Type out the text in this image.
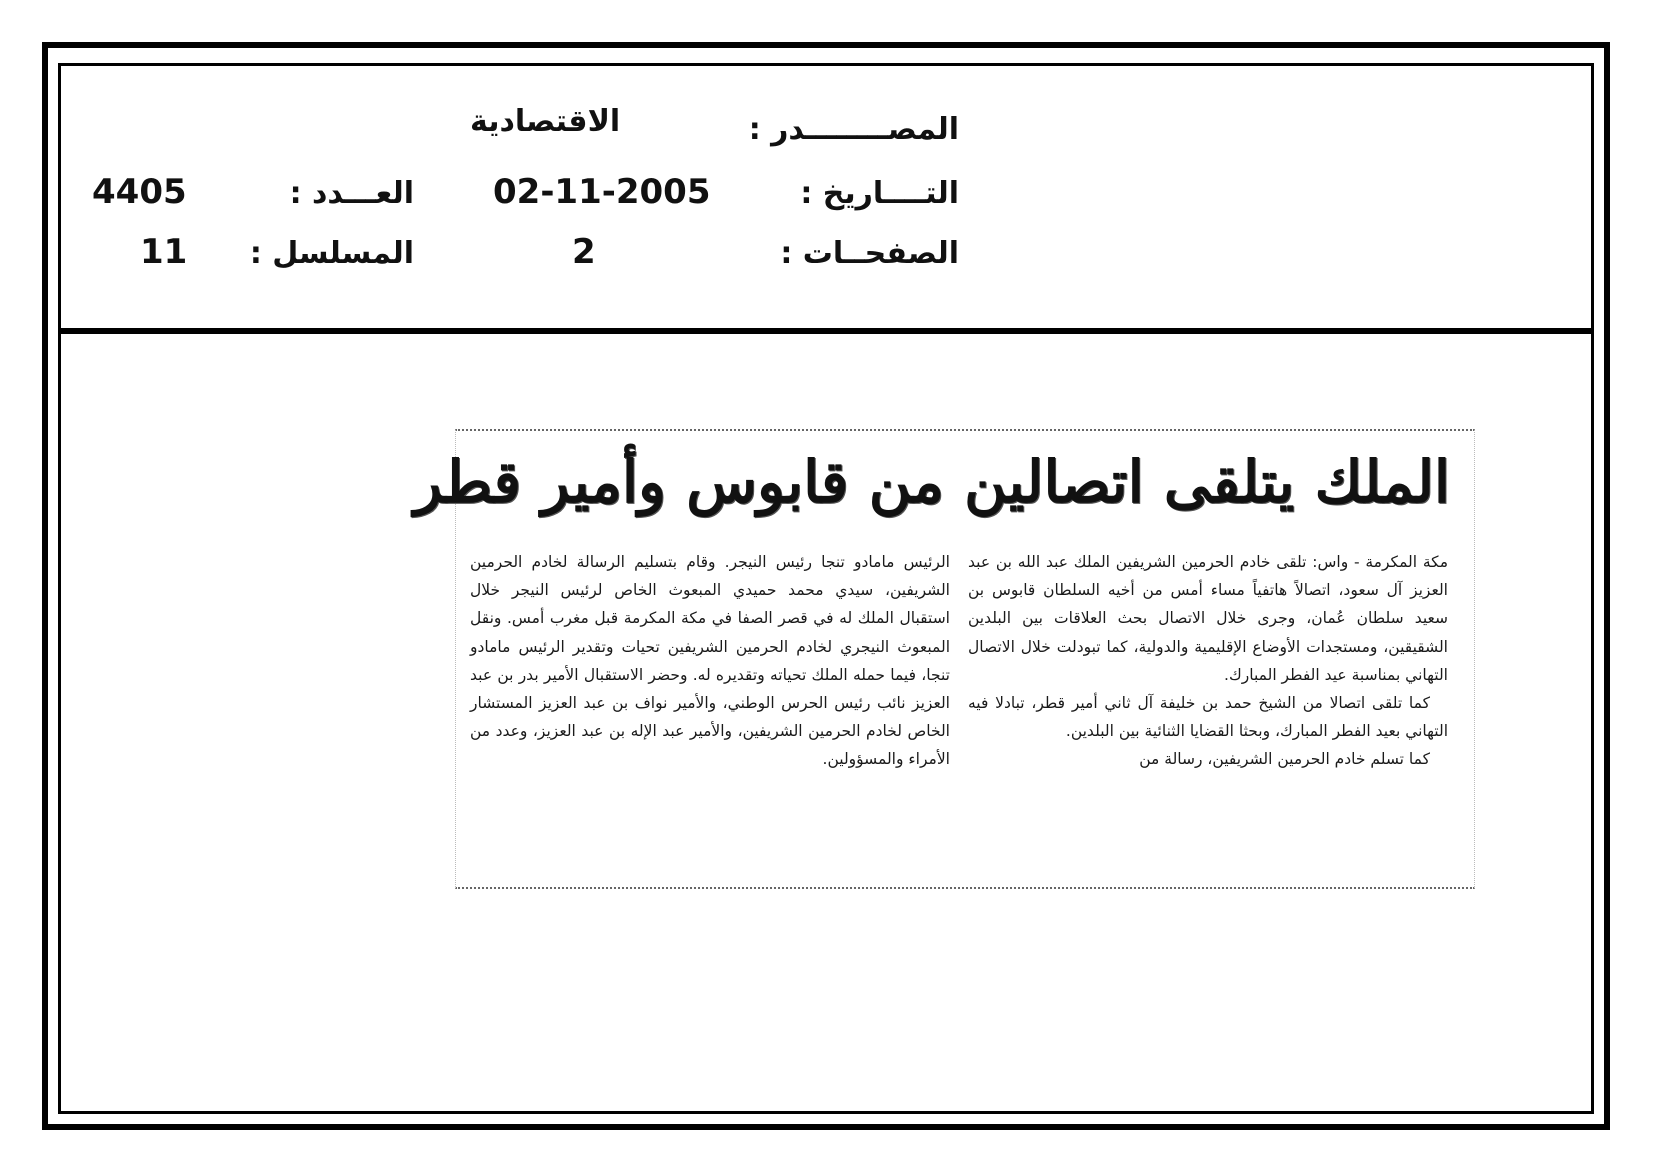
المصــــــــدر :
الاقتصادية
التــــاريخ :
02-11-2005
العـــدد :
4405
الصفحــات :
2
المسلسل :
11
الملك يتلقى اتصالين من قابوس وأمير قطر

مكة المكرمة - واس: تلقى خادم الحرمين الشريفين الملك عبد الله بن عبد العزيز آل سعود، اتصالاً هاتفياً مساء أمس من أخيه السلطان قابوس بن سعيد سلطان عُمان، وجرى خلال الاتصال بحث العلاقات بين البلدين الشقيقين، ومستجدات الأوضاع الإقليمية والدولية، كما تبودلت خلال الاتصال التهاني بمناسبة عيد الفطر المبارك.

كما تلقى اتصالا من الشيخ حمد بن خليفة آل ثاني أمير قطر، تبادلا فيه التهاني بعيد الفطر المبارك، وبحثا القضايا الثنائية بين البلدين.

كما تسلم خادم الحرمين الشريفين، رسالة من

الرئيس مامادو تنجا رئيس النيجر. وقام بتسليم الرسالة لخادم الحرمين الشريفين، سيدي محمد حميدي المبعوث الخاص لرئيس النيجر خلال استقبال الملك له في قصر الصفا في مكة المكرمة قبل مغرب أمس. ونقل المبعوث النيجري لخادم الحرمين الشريفين تحيات وتقدير الرئيس مامادو تنجا، فيما حمله الملك تحياته وتقديره له. وحضر الاستقبال الأمير بدر بن عبد العزيز نائب رئيس الحرس الوطني، والأمير نواف بن عبد العزيز المستشار الخاص لخادم الحرمين الشريفين، والأمير عبد الإله بن عبد العزيز، وعدد من الأمراء والمسؤولين.
